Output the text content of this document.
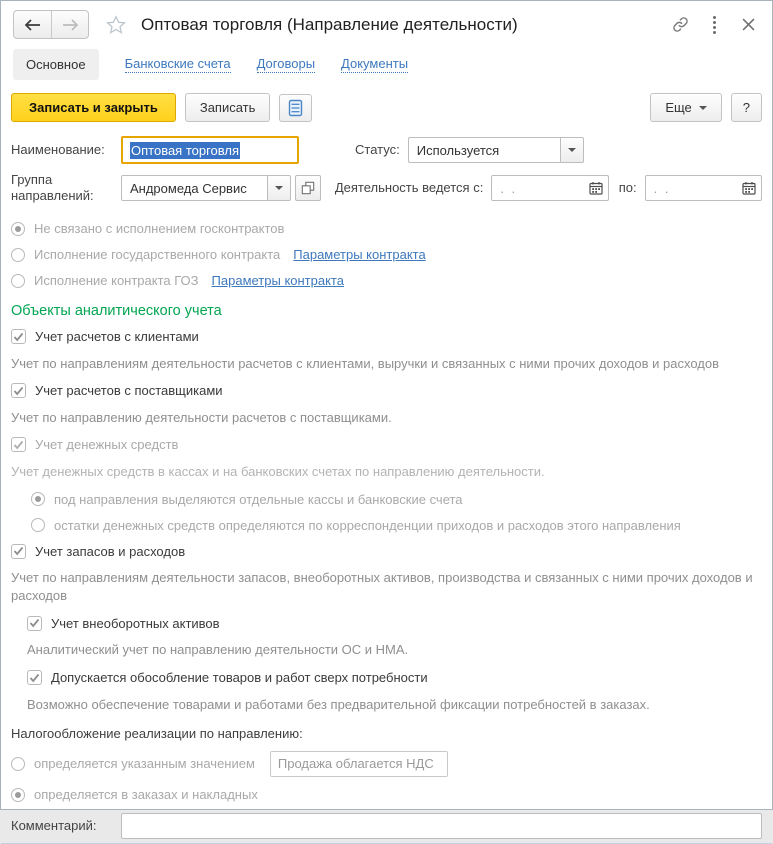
Оптовая торговля (Направление деятельности)
Основное	Банковские счета Договоры Документы
Записать и закрыть	Записать	Еще	?
Наименование:	Оптовая торговля	Статус:	Используется
Группа направлений:	Андромеда Сервис	Деятельность ведется с: . .	по: . .
Не связано с исполнением госконтрактов
Исполнение государственного контракта Параметры контракта
Исполнение контракта ГОЗ Параметры контракта
Объекты аналитического учета
Учет расчетов с клиентами
Учет по направлениям деятельности расчетов с клиентами, выручки и связанных с ними прочих доходов и расходов
Учет расчетов с поставщиками
Учет по направлению деятельности расчетов с поставщиками.
Учет денежных средств
Учет денежных средств в кассах и на банковских счетах по направлению деятельности.
под направления выделяются отдельные кассы и банковские счета
остатки денежных средств определяются по корреспонденции приходов и расходов этого направления
Учет запасов и расходов
Учет по направлениям деятельности запасов, внеоборотных активов, производства и связанных с ними прочих доходов и расходов
Учет внеоборотных активов
Аналитический учет по направлению деятельности ОС и НМА.
Допускается обособление товаров и работ сверх потребности
Возможно обеспечение товарами и работами без предварительной фиксации потребностей в заказах.
Налогообложение реализации по направлению:
определяется указанным значением Продажа облагается НДС
определяется в заказах и накладных
Комментарий:
